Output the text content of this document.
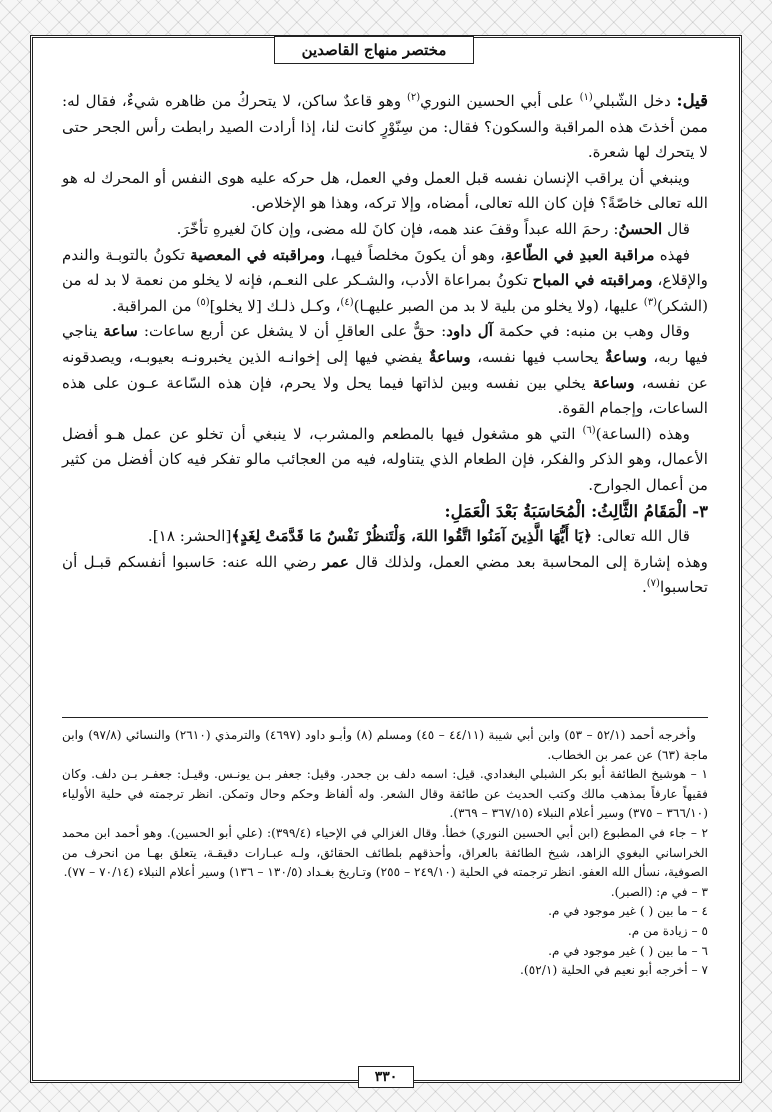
مختصر منهاج القاصدين

قيل: دخل الشّبلي$^{(١)}$ على أبي الحسين النوري$^{(٢)}$ وهو قاعدٌ ساكن، لا يتحركُ من ظاهره شيءٌ، فقال له: ممن أخذتَ هذه المراقبة والسكون؟ فقال: من سِنّوْرٍ كانت لنا، إذا أرادت الصيد رابطت رأس الجحر حتى لا يتحرك لها شعرة.

وينبغي أن يراقب الإنسان نفسه قبل العمل وفي العمل، هل حركه عليه هوى النفس أو المحرك له هو الله تعالى خاصّةً؟ فإن كان الله تعالى، أمضاه، وإلا تركه، وهذا هو الإخلاص.

قال الحسنُ: رحمَ الله عبداً وقفَ عند همه، فإن كانَ لله مضى، وإن كانَ لغيرهِ تأخّرَ.

فهذه مراقبة العبدِ في الطّاعةِ، وهو أن يكونَ مخلصاً فيهـا، ومراقبته في المعصية تكونُ بالتوبـة والندم والإقلاع، ومراقبته في المباح تكونُ بمراعاة الأدب، والشـكر على النعـم، فإنه لا يخلو من نعمة لا بد له من (الشكر)$^{(٣)}$ عليها، (ولا يخلو من بلية لا بد من الصبر عليهـا)$^{(٤)}$، وكـل ذلـك [لا يخلو]$^{(٥)}$ من المراقبة.

وقال وهب بن منبه: في حكمة آل داود: حقٌّ على العاقلِ أن لا يشغل عن أربع ساعات: ساعة يناجي فيها ربه، وساعةٌ يحاسب فيها نفسه، وساعةٌ يفضي فيها إلى إخوانـه الذين يخبرونـه بعيوبـه، ويصدقونه عن نفسه، وساعة يخلي بين نفسه وبين لذاتها فيما يحل ولا يحرم، فإن هذه السّاعة عـون على هذه الساعات، وإجمام القوة.

وهذه (الساعة)$^{(٦)}$ التي هو مشغول فيها بالمطعم والمشرب، لا ينبغي أن تخلو عن عمل هـو أفضل الأعمال، وهو الذكر والفكر، فإن الطعام الذي يتناوله، فيه من العجائب مالو تفكر فيه كان أفضل من كثير من أعمال الجوارح.

٣- الْمَقَامُ الثَّالِثُ: الْمُحَاسَبَةُ بَعْدَ الْعَمَلِ:

قال الله تعالى: ﴿يَا أَيُّهَا الَّذِينَ آمَنُوا اتَّقُوا اللهَ، وَلْتَنظُرْ نَفْسٌ مَا قَدَّمَتْ لِغَدٍ﴾[الحشر: ١٨].

وهذه إشارة إلى المحاسبة بعد مضي العمل، ولذلك قال عمر رضي الله عنه: حَاسبوا أنفسكم قبـل أن تحاسبوا$^{(٧)}$.

وأخرجه أحمد (٥٢/١ – ٥٣) وابن أبي شيبة (٤٤/١١ – ٤٥) ومسلم (٨) وأبـو داود (٤٦٩٧) والترمذي (٢٦١٠) والنسائي (٩٧/٨) وابن ماجة (٦٣) عن عمر بن الخطاب.

١ – هوشيخ الطائفة أبو بكر الشبلي البغدادي. قيل: اسمه دلف بن جحدر. وقيل: جعفر بـن يونـس. وقيـل: جعفـر بـن دلف. وكان فقيهاً عارفاً بمذهب مالك وكتب الحديث عن طائفة وقال الشعر. وله ألفاظ وحكم وحال وتمكن. انظر ترجمته في حلية الأولياء (٣٦٦/١٠ – ٣٧٥) وسير أعلام النبلاء (٣٦٧/١٥ – ٣٦٩).

٢ – جاء في المطبوع (ابن أبي الحسين النوري) خطأ. وقال الغزالي في الإحياء (٣٩٩/٤): (علي أبو الحسين). وهو أحمد ابن محمد الخراساني البغوي الزاهد، شيخ الطائفة بالعراق، وأحذقهم بلطائف الحقائق، ولـه عبـارات دقيقـة، يتعلق بهـا من انحرف من الصوفية، نسأل الله العفو. انظر ترجمته في الحلية (٢٤٩/١٠ – ٢٥٥) وتـاريخ بغـداد (١٣٠/٥ – ١٣٦) وسير أعلام النبلاء (٧٠/١٤ – ٧٧).

٣ – في م: (الصبر).

٤ – ما بين ( ) غير موجود في م.

٥ – زيادة من م.

٦ – ما بين ( ) غير موجود في م.

٧ – أخرجه أبو نعيم في الحلية (٥٢/١).

٣٣٠
